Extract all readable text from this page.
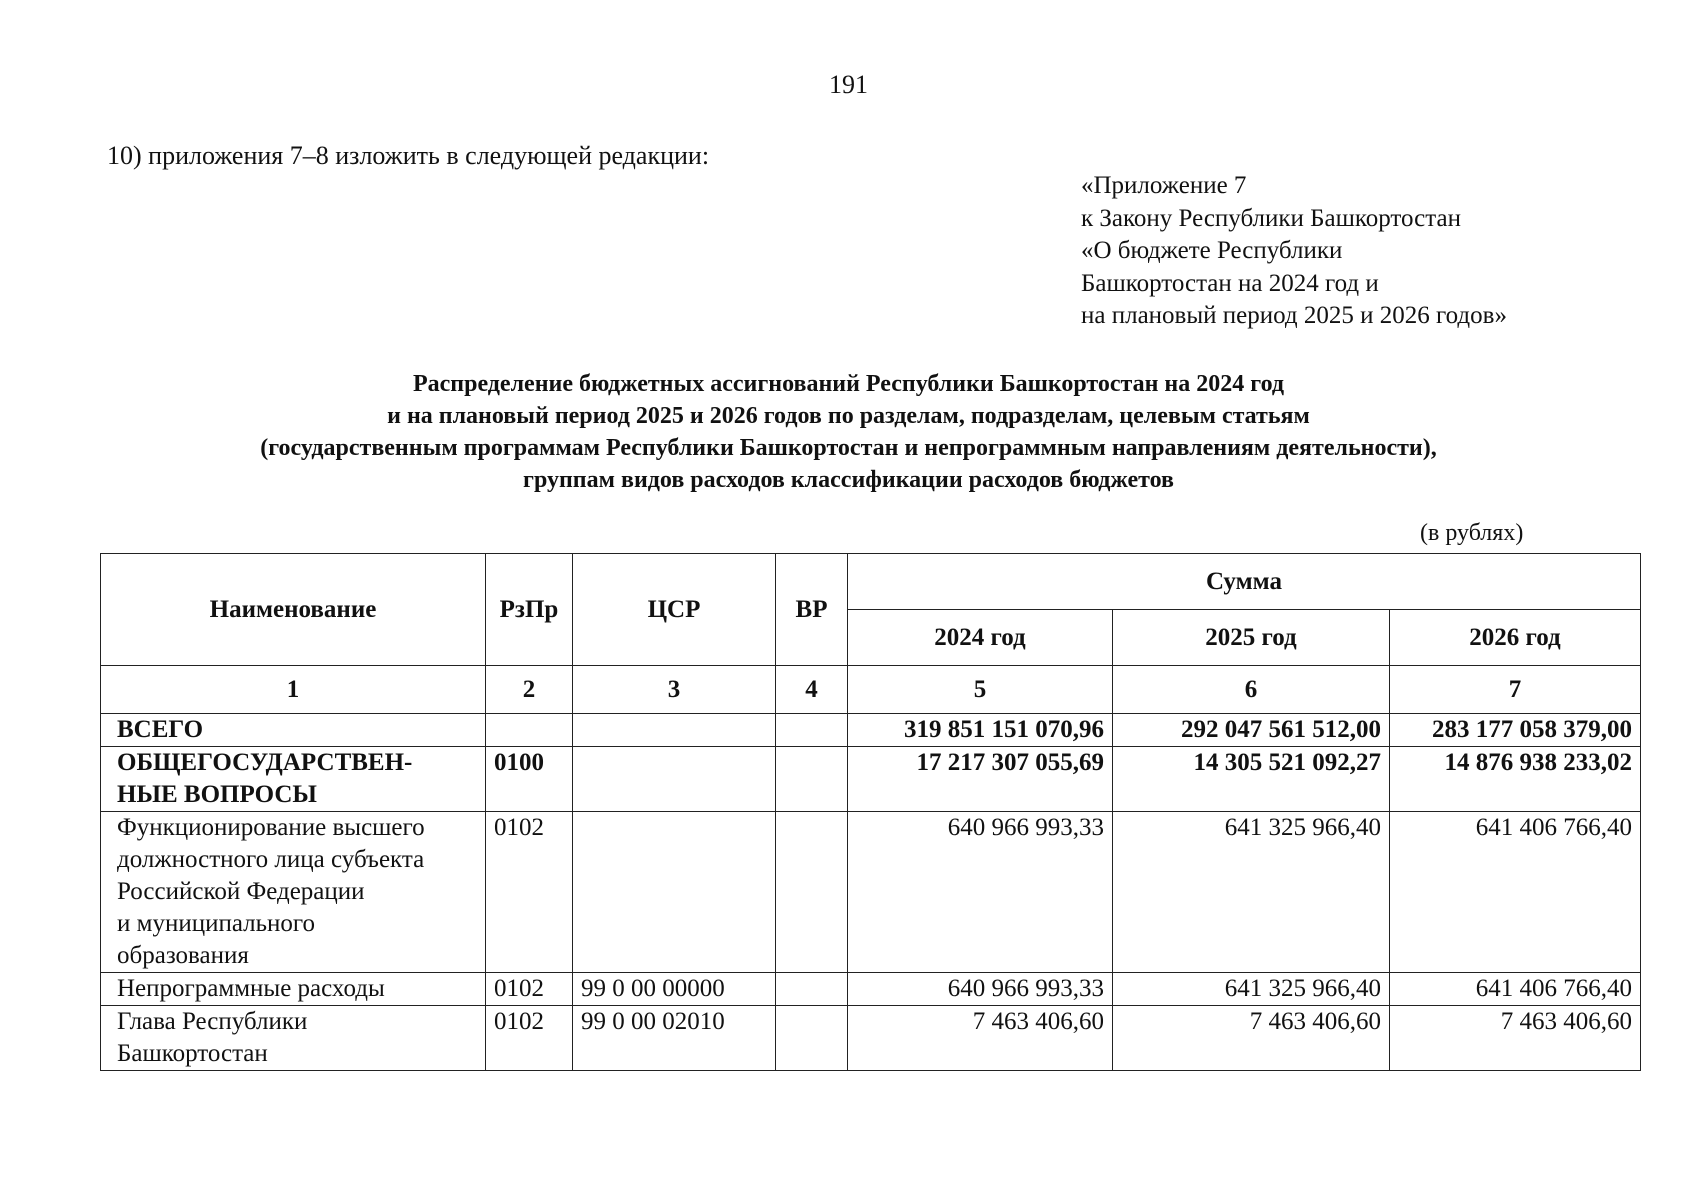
191
10) приложения 7–8 изложить в следующей редакции:
«Приложение 7
к Закону Республики Башкортостан
«О бюджете Республики
Башкортостан на 2024 год и
на плановый период 2025 и 2026 годов»
Распределение бюджетных ассигнований Республики Башкортостан на 2024 год
и на плановый период 2025 и 2026 годов по разделам, подразделам, целевым статьям
(государственным программам Республики Башкортостан и непрограммным направлениям деятельности),
группам видов расходов классификации расходов бюджетов
(в рублях)
Наименование	РзПр	ЦСР	ВР	Сумма		
				2024 год	2025 год	2026 год
1	2	3	4	5	6	7

ВСЕГО				319 851 151 070,96	292 047 561 512,00	283 177 058 379,00

ОБЩЕГОСУДАРСТВЕН-
НЫЕ ВОПРОСЫ	0100			17 217 307 055,69	14 305 521 092,27	14 876 938 233,02

Функционирование высшего
должностного лица субъекта
Российской Федерации
и муниципального
образования	0102			640 966 993,33	641 325 966,40	641 406 766,40

Непрограммные расходы	0102	99 0 00 00000		640 966 993,33	641 325 966,40	641 406 766,40

Глава Республики
Башкортостан	0102	99 0 00 02010		7 463 406,60	7 463 406,60	7 463 406,60
